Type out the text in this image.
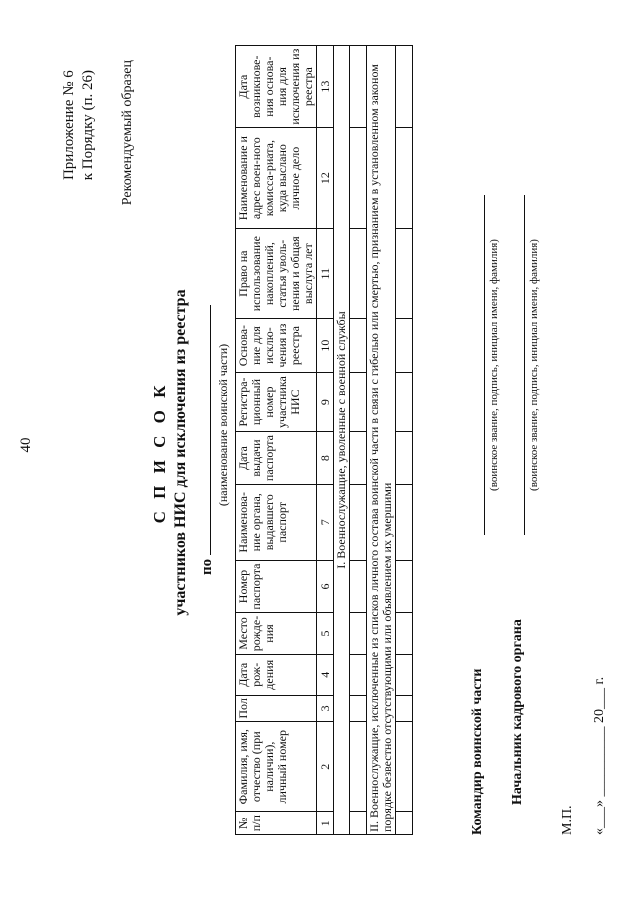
40
Приложение № 6 к Порядку (п. 26) Рекомендуемый образец
С П И С О К участников НИС для исключения из реестра по
(наименование воинской части)
№ п/п	Фамилия, имя, отчество (при наличии), личный номер	Пол	Дата рож-дения	Место рожде-ния	Номер паспорта	Наименова-ние органа, выдавшего паспорт	Дата выдачи паспорта	Регистра-ционный номер участника НИС	Основа-ние для исклю-чения из реестра	Право на использование накоплений, статья уволь-нения и общая выслуга лет	Наименование и адрес воен-ного комисса-риата, куда выслано личное дело	Дата возникнове-ния основа-ния для исключения из реестра
1	2	3	4	5	6	7	8	9	10	11	12	13
I. Военнослужащие, уволенные с военной службы												

II. Военнослужащие, исключенные из списков личного состава воинской части в связи с гибелью или смертью, признанием в установленном законом порядке безвестно отсутствующими или объявлением их умершими												
													Командир воинской части
(воинское звание, подпись, инициал имени, фамилия)
Начальник кадрового органа
(воинское звание, подпись, инициал имени, фамилия)
М.П. «___» __________ 20___ г.
